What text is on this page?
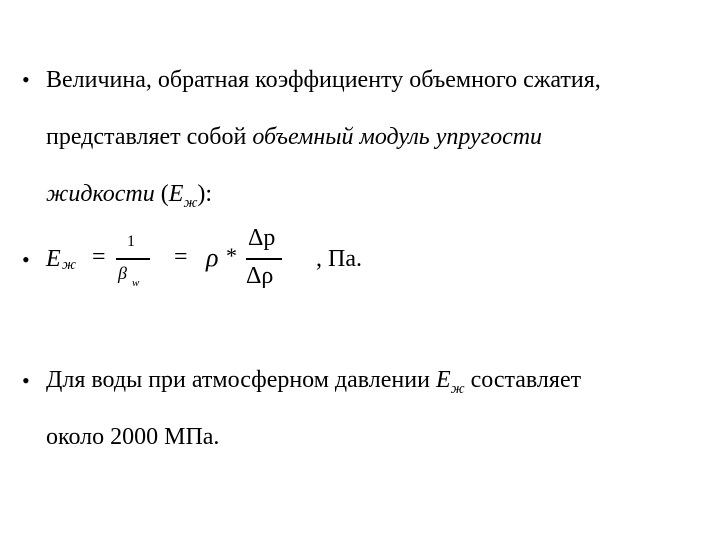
• Величина, обратная коэффициенту объемного сжатия,
представляет собой объемный модуль упругости
жидкости $(E_ж)$:
• E ж =
1
β w
= ρ *
Δp
Δρ
, Па.
• Для воды при атмосферном давлении $E_ж$ составляет
около 2000 МПа.
